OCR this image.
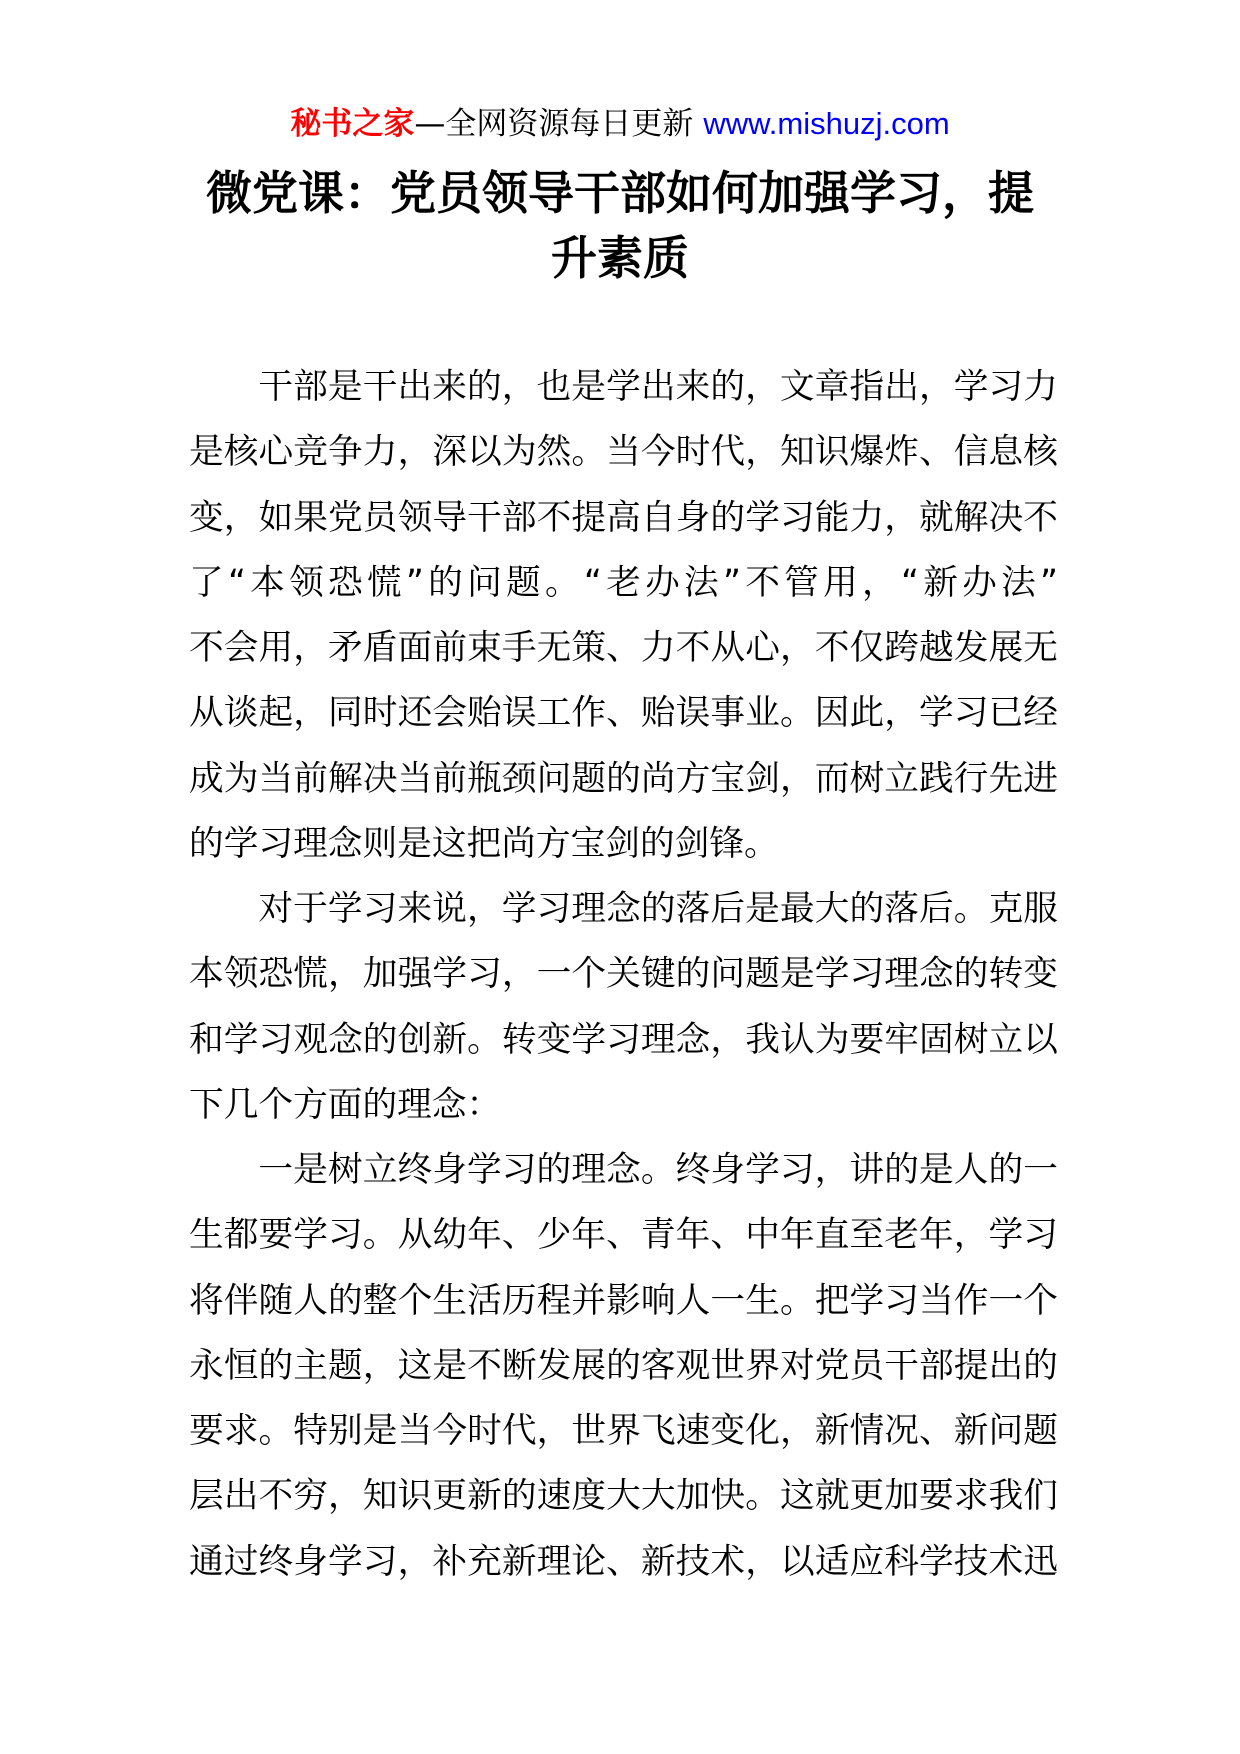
秘书之家—全网资源每日更新 www.mishuzj.com
微党课：党员领导干部如何加强学习，提
升素质
干部是干出来的，也是学出来的，文章指出，学习力
是核心竞争力，深以为然。当今时代，知识爆炸、信息核
变，如果党员领导干部不提高自身的学习能力，就解决不
了“本领恐慌”的问题。“老办法”不管用，“新办法”
不会用，矛盾面前束手无策、力不从心，不仅跨越发展无
从谈起，同时还会贻误工作、贻误事业。因此，学习已经
成为当前解决当前瓶颈问题的尚方宝剑，而树立践行先进
的学习理念则是这把尚方宝剑的剑锋。
对于学习来说，学习理念的落后是最大的落后。克服
本领恐慌，加强学习，一个关键的问题是学习理念的转变
和学习观念的创新。转变学习理念，我认为要牢固树立以
下几个方面的理念：
一是树立终身学习的理念。终身学习，讲的是人的一
生都要学习。从幼年、少年、青年、中年直至老年，学习
将伴随人的整个生活历程并影响人一生。把学习当作一个
永恒的主题，这是不断发展的客观世界对党员干部提出的
要求。特别是当今时代，世界飞速变化，新情况、新问题
层出不穷，知识更新的速度大大加快。这就更加要求我们
通过终身学习，补充新理论、新技术，以适应科学技术迅
